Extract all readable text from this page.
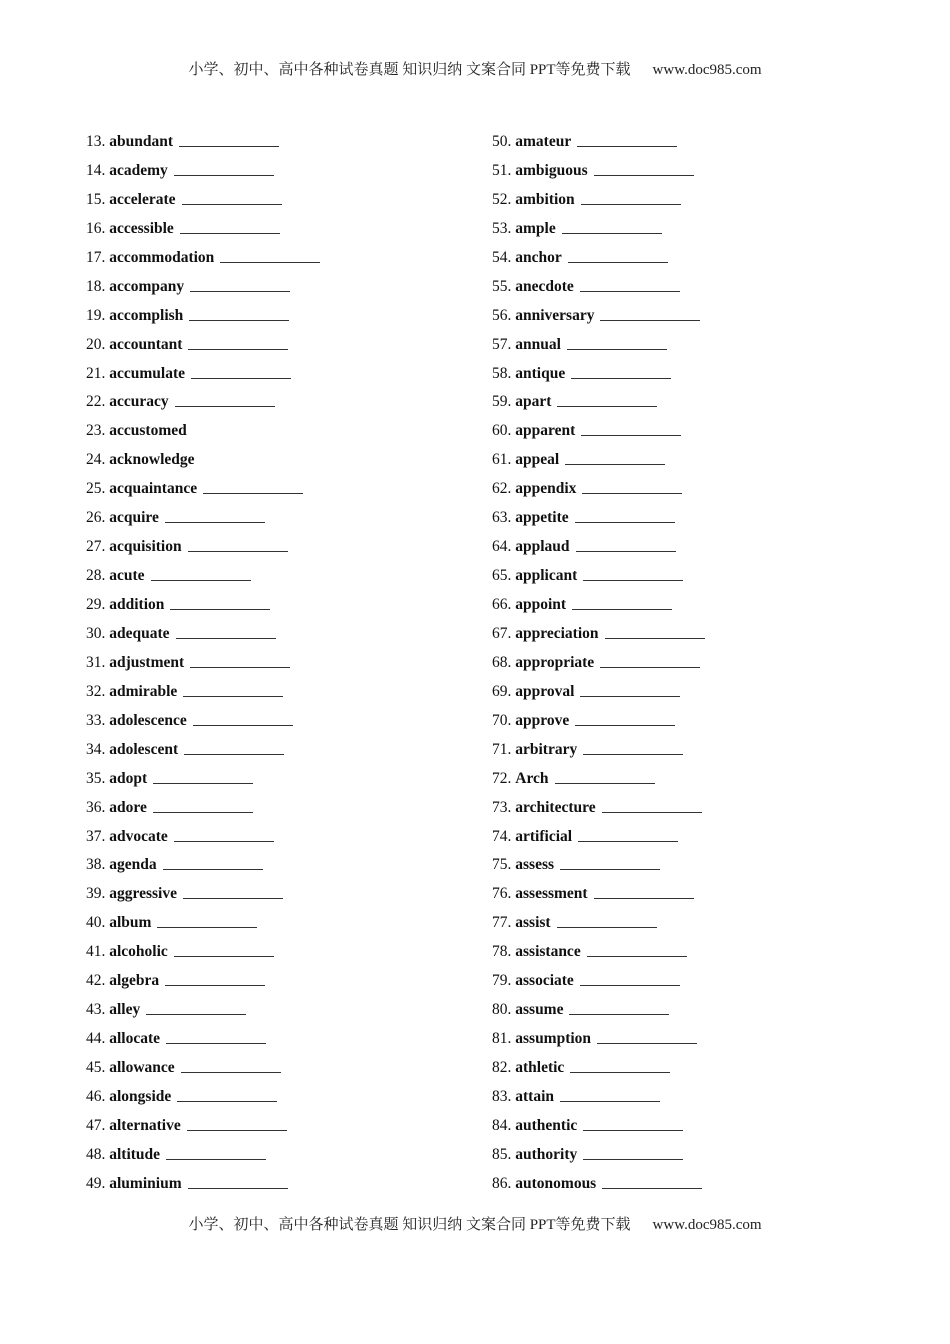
小学、初中、高中各种试卷真题 知识归纳 文案合同 PPT等免费下载 www.doc985.com
13. abundant
14. academy
15. accelerate
16. accessible
17. accommodation
18. accompany
19. accomplish
20. accountant
21. accumulate
22. accuracy
23. accustomed
24. acknowledge
25. acquaintance
26. acquire
27. acquisition
28. acute
29. addition
30. adequate
31. adjustment
32. admirable
33. adolescence
34. adolescent
35. adopt
36. adore
37. advocate
38. agenda
39. aggressive
40. album
41. alcoholic
42. algebra
43. alley
44. allocate
45. allowance
46. alongside
47. alternative
48. altitude
49. aluminium
50. amateur
51. ambiguous
52. ambition
53. ample
54. anchor
55. anecdote
56. anniversary
57. annual
58. antique
59. apart
60. apparent
61. appeal
62. appendix
63. appetite
64. applaud
65. applicant
66. appoint
67. appreciation
68. appropriate
69. approval
70. approve
71. arbitrary
72. Arch
73. architecture
74. artificial
75. assess
76. assessment
77. assist
78. assistance
79. associate
80. assume
81. assumption
82. athletic
83. attain
84. authentic
85. authority
86. autonomous
小学、初中、高中各种试卷真题 知识归纳 文案合同 PPT等免费下载 www.doc985.com
